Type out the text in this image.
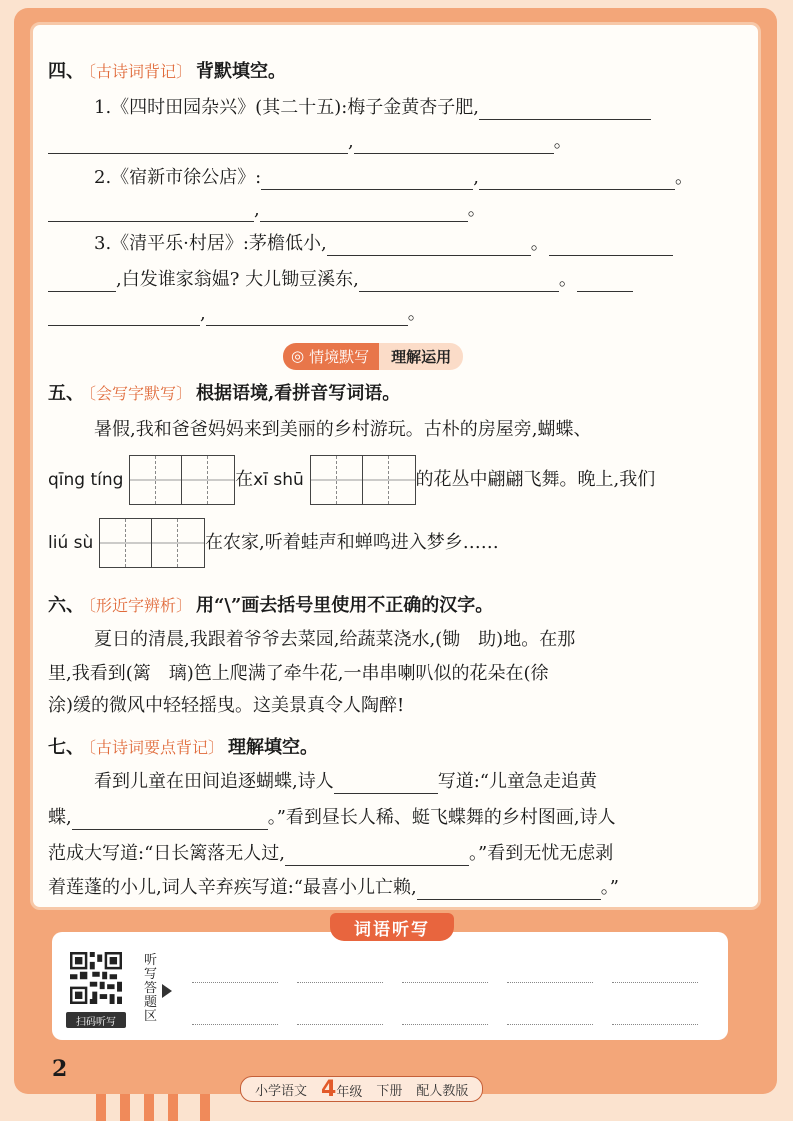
四、 〔古诗词背记〕 背默填空。
1.《四时田园杂兴》(其二十五):梅子金黄杏子肥,
,	。
2.《宿新市徐公店》:	,	。
,	。
3.《清平乐·村居》:茅檐低小,	。
,白发谁家翁媪? 大儿锄豆溪东,	。
,	。
◎ 情境默写	理解运用
五、 〔会写字默写〕 根据语境,看拼音写词语。
暑假,我和爸爸妈妈来到美丽的乡村游玩。古朴的房屋旁,蝴蝶、
qīng tíng	在xī shū	的花丛中翩翩飞舞。晚上,我们
liú sù	在农家,听着蛙声和蝉鸣进入梦乡……
六、 〔形近字辨析〕 用“\”画去括号里使用不正确的汉字。
夏日的清晨,我跟着爷爷去菜园,给蔬菜浇水,(锄　助)地。在那
里,我看到(篱　璃)笆上爬满了牵牛花,一串串喇叭似的花朵在(徐
涂)缓的微风中轻轻摇曳。这美景真令人陶醉!
七、 〔古诗词要点背记〕 理解填空。
看到儿童在田间追逐蝴蝶,诗人	写道:“儿童急走追黄
蝶,	。”看到昼长人稀、蜓飞蝶舞的乡村图画,诗人
范成大写道:“日长篱落无人过,	。”看到无忧无虑剥
着莲蓬的小儿,词人辛弃疾写道:“最喜小儿亡赖,	。”
扫码听写
听写答题区
词语听写
2
小学语文 4年级 下册 配人教版
